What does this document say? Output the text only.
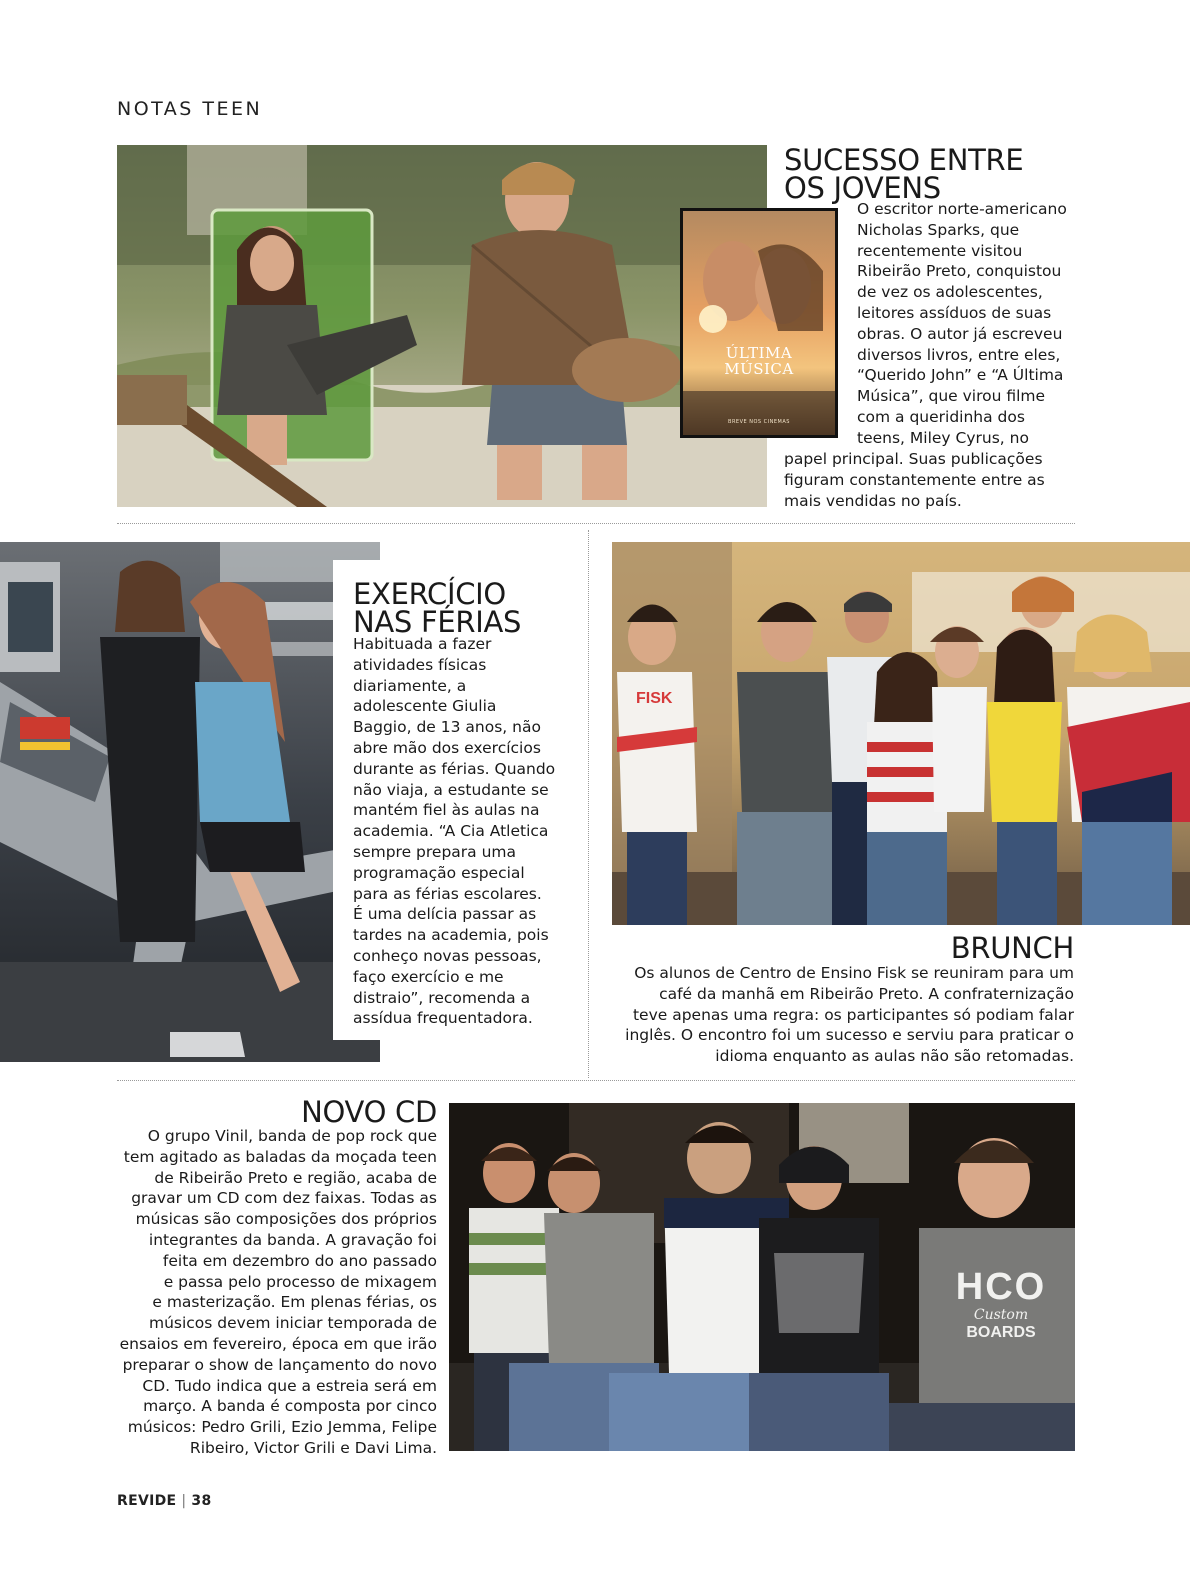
NOTAS TEEN
ÚLTIMA
MÚSICA
BREVE NOS CINEMAS
SUCESSO ENTRE
OS JOVENS
O escritor norte-americano
Nicholas Sparks, que
recentemente visitou
Ribeirão Preto, conquistou
de vez os adolescentes,
leitores assíduos de suas
obras. O autor já escreveu
diversos livros, entre eles,
“Querido John” e “A Última
Música”, que virou filme
com a queridinha dos
teens, Miley Cyrus, no
papel principal. Suas publicações
figuram constantemente entre as
mais vendidas no país.
EXERCÍCIO
NAS FÉRIAS
Habituada a fazer
atividades físicas
diariamente, a
adolescente Giulia
Baggio, de 13 anos, não
abre mão dos exercícios
durante as férias. Quando
não viaja, a estudante se
mantém fiel às aulas na
academia. “A Cia Atletica
sempre prepara uma
programação especial
para as férias escolares.
É uma delícia passar as
tardes na academia, pois
conheço novas pessoas,
faço exercício e me
distraio”, recomenda a
assídua frequentadora.
FISK
BRUNCH
Os alunos de Centro de Ensino Fisk se reuniram para um
café da manhã em Ribeirão Preto. A confraternização
teve apenas uma regra: os participantes só podiam falar
inglês. O encontro foi um sucesso e serviu para praticar o
idioma enquanto as aulas não são retomadas.
NOVO CD
O grupo Vinil, banda de pop rock que
tem agitado as baladas da moçada teen
de Ribeirão Preto e região, acaba de
gravar um CD com dez faixas. Todas as
músicas são composições dos próprios
integrantes da banda. A gravação foi
feita em dezembro do ano passado
e passa pelo processo de mixagem
e masterização. Em plenas férias, os
músicos devem iniciar temporada de
ensaios em fevereiro, época em que irão
preparar o show de lançamento do novo
CD. Tudo indica que a estreia será em
março. A banda é composta por cinco
músicos: Pedro Grili, Ezio Jemma, Felipe
Ribeiro, Victor Grili e Davi Lima.
HCO
Custom
BOARDS
REVIDE | 38
